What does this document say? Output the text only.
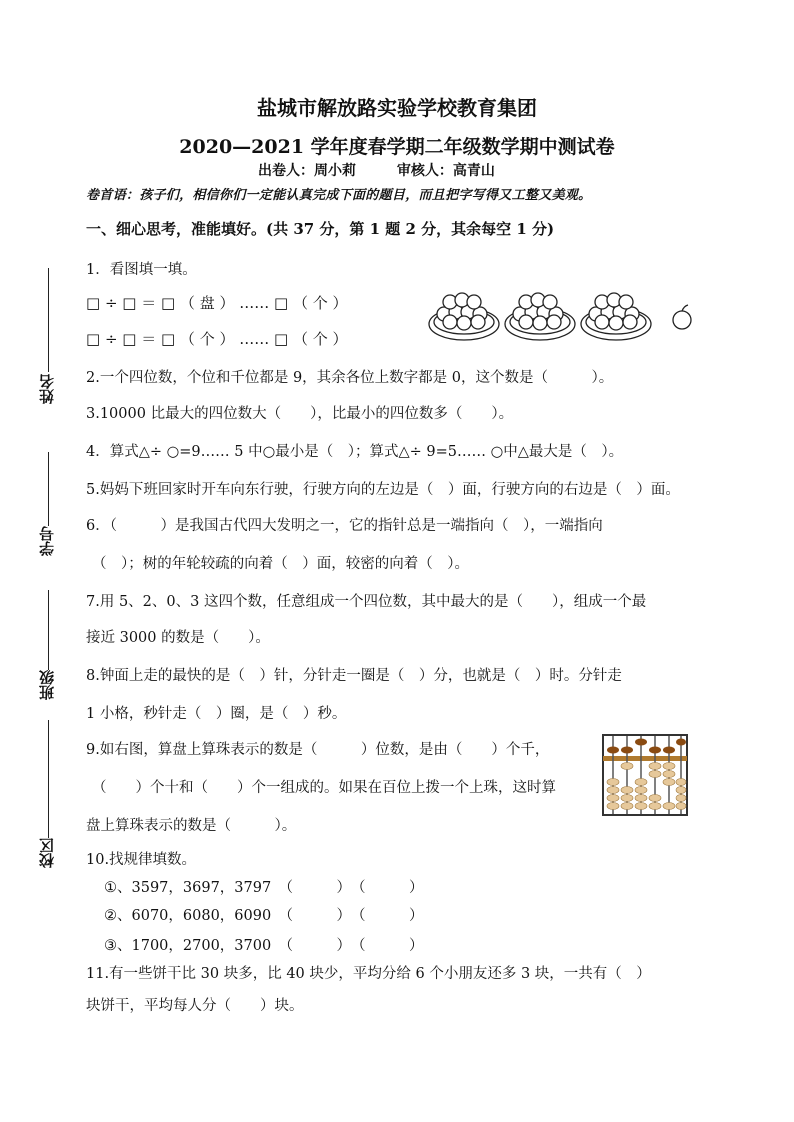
盐城市解放路实验学校教育集团
2020—2021 学年度春学期二年级数学期中测试卷
出卷人：周小莉	审核人：高青山
卷首语：孩子们，相信你们一定能认真完成下面的题目，而且把字写得又工整又美观。
一、细心思考，准能填好。(共 37 分，第 1 题 2 分，其余每空 1 分)
姓名
学号
班级
校区
1．看图填一填。
□ ÷ □ ＝ □ （ 盘 ） …… □ （ 个 ）
□ ÷ □ ＝ □ （ 个 ） …… □ （ 个 ）
2.一个四位数，个位和千位都是 9，其余各位上数字都是 0，这个数是（　　　）。
3.10000 比最大的四位数大（　　），比最小的四位数多（　　）。
4．算式△÷ ○=9…… 5 中○最小是（　）；算式△÷ 9=5…… ○中△最大是（　）。
5.妈妈下班回家时开车向东行驶，行驶方向的左边是（　）面，行驶方向的右边是（　）面。
6．（　　　）是我国古代四大发明之一，它的指针总是一端指向（　），一端指向
（　）；树的年轮较疏的向着（　）面，较密的向着（　）。
7.用 5、2、0、3 这四个数，任意组成一个四位数，其中最大的是（　　），组成一个最
接近 3000 的数是（　　）。
8.钟面上走的最快的是（　）针，分针走一圈是（　）分，也就是（　）时。分针走
1 小格，秒针走（　）圈，是（　）秒。
9.如右图，算盘上算珠表示的数是（　　　）位数，是由（　　）个千，
（　　）个十和（　　）个一组成的。如果在百位上拨一个上珠，这时算
盘上算珠表示的数是（　　　）。
10.找规律填数。
①、3597，3697，3797　（　　　）　（　　　）
②、6070，6080，6090　（　　　）　（　　　）
③、1700，2700，3700　（　　　）　（　　　）
11.有一些饼干比 30 块多，比 40 块少，平均分给 6 个小朋友还多 3 块，一共有（　）
块饼干，平均每人分（　　）块。
